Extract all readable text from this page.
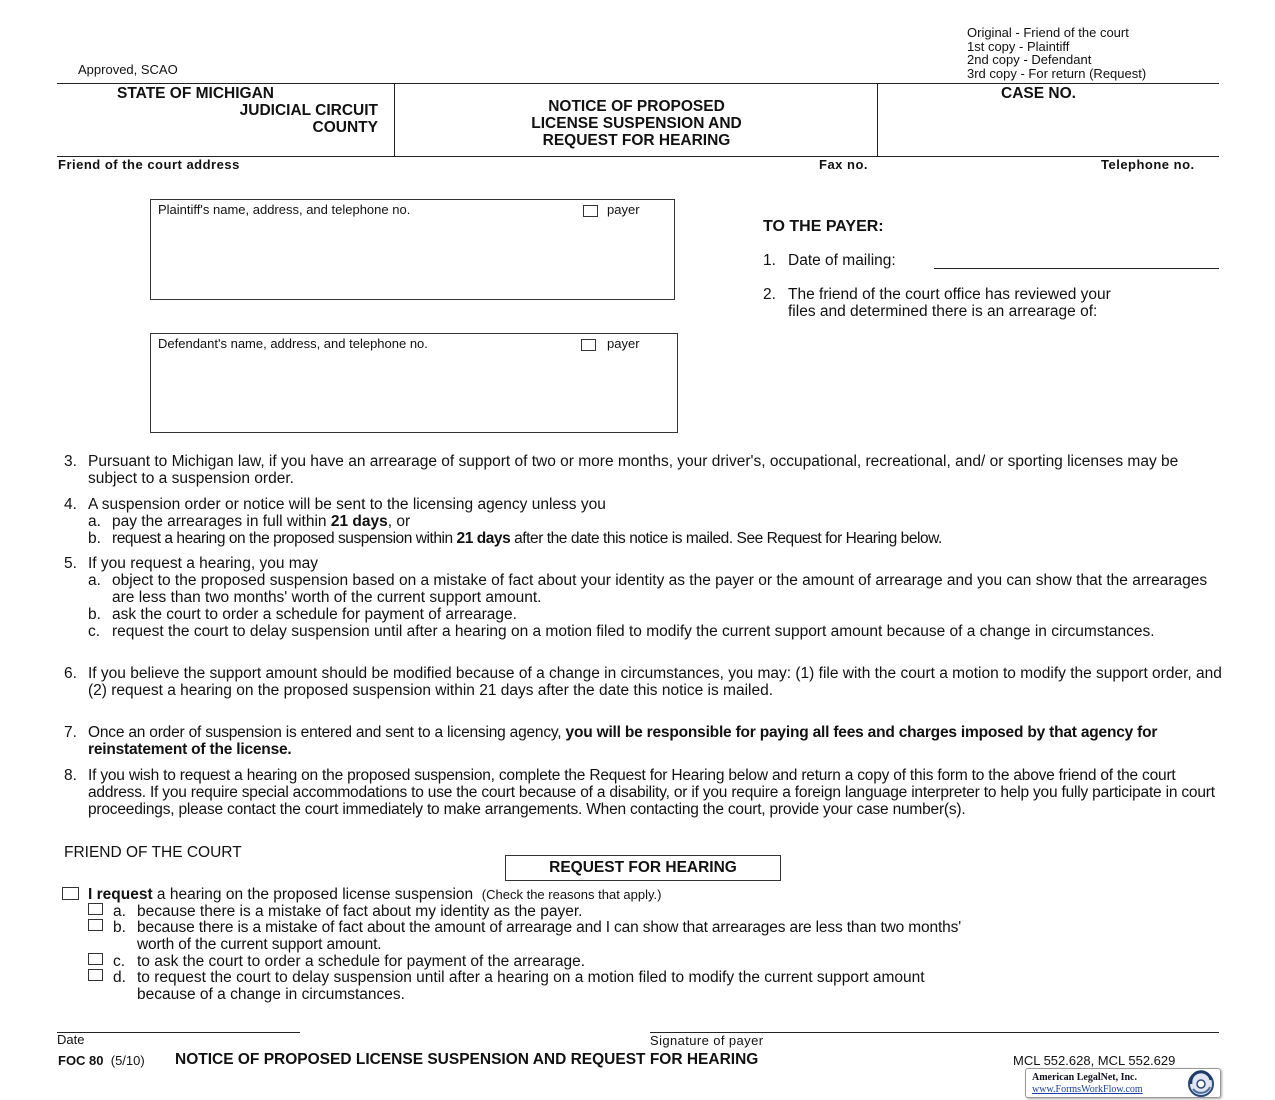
Original - Friend of the court
1st copy - Plaintiff
2nd copy - Defendant
3rd copy - For return (Request)
Approved, SCAO
STATE OF MICHIGAN
JUDICIAL CIRCUIT
COUNTY
NOTICE OF PROPOSED
LICENSE SUSPENSION AND
REQUEST FOR HEARING
CASE NO.
Friend of the court address	Fax no.	Telephone no.
Plaintiff's name, address, and telephone no.	payer
Defendant's name, address, and telephone no.	payer
TO THE PAYER:
1. Date of mailing:
2. The friend of the court office has reviewed your
files and determined there is an arrearage of:
3. Pursuant to Michigan law, if you have an arrearage of support of two or more months, your driver's, occupational, recreational, and/ or sporting licenses may be subject to a suspension order.
4. A suspension order or notice will be sent to the licensing agency unless you
a. pay the arrearages in full within 21 days, or
b. request a hearing on the proposed suspension within 21 days after the date this notice is mailed. See Request for Hearing below.
5. If you request a hearing, you may
a. object to the proposed suspension based on a mistake of fact about your identity as the payer or the amount of arrearage and you can show that the arrearages are less than two months' worth of the current support amount.
b. ask the court to order a schedule for payment of arrearage.
c. request the court to delay suspension until after a hearing on a motion filed to modify the current support amount because of a change in circumstances.
6. If you believe the support amount should be modified because of a change in circumstances, you may: (1) file with the court a motion to modify the support order, and (2) request a hearing on the proposed suspension within 21 days after the date this notice is mailed.
7. Once an order of suspension is entered and sent to a licensing agency, you will be responsible for paying all fees and charges imposed by that agency for reinstatement of the license.
8. If you wish to request a hearing on the proposed suspension, complete the Request for Hearing below and return a copy of this form to the above friend of the court address. If you require special accommodations to use the court because of a disability, or if you require a foreign language interpreter to help you fully participate in court proceedings, please contact the court immediately to make arrangements. When contacting the court, provide your case number(s).
FRIEND OF THE COURT
REQUEST FOR HEARING
I request a hearing on the proposed license suspension (Check the reasons that apply.)
a. because there is a mistake of fact about my identity as the payer.
b. because there is a mistake of fact about the amount of arrearage and I can show that arrearages are less than two months'
worth of the current support amount.
c. to ask the court to order a schedule for payment of the arrearage.
d. to request the court to delay suspension until after a hearing on a motion filed to modify the current support amount
because of a change in circumstances.
Date	Signature of payer
FOC 80 (5/10) NOTICE OF PROPOSED LICENSE SUSPENSION AND REQUEST FOR HEARING	MCL 552.628, MCL 552.629
American LegalNet, Inc.
www.FormsWorkFlow.com
